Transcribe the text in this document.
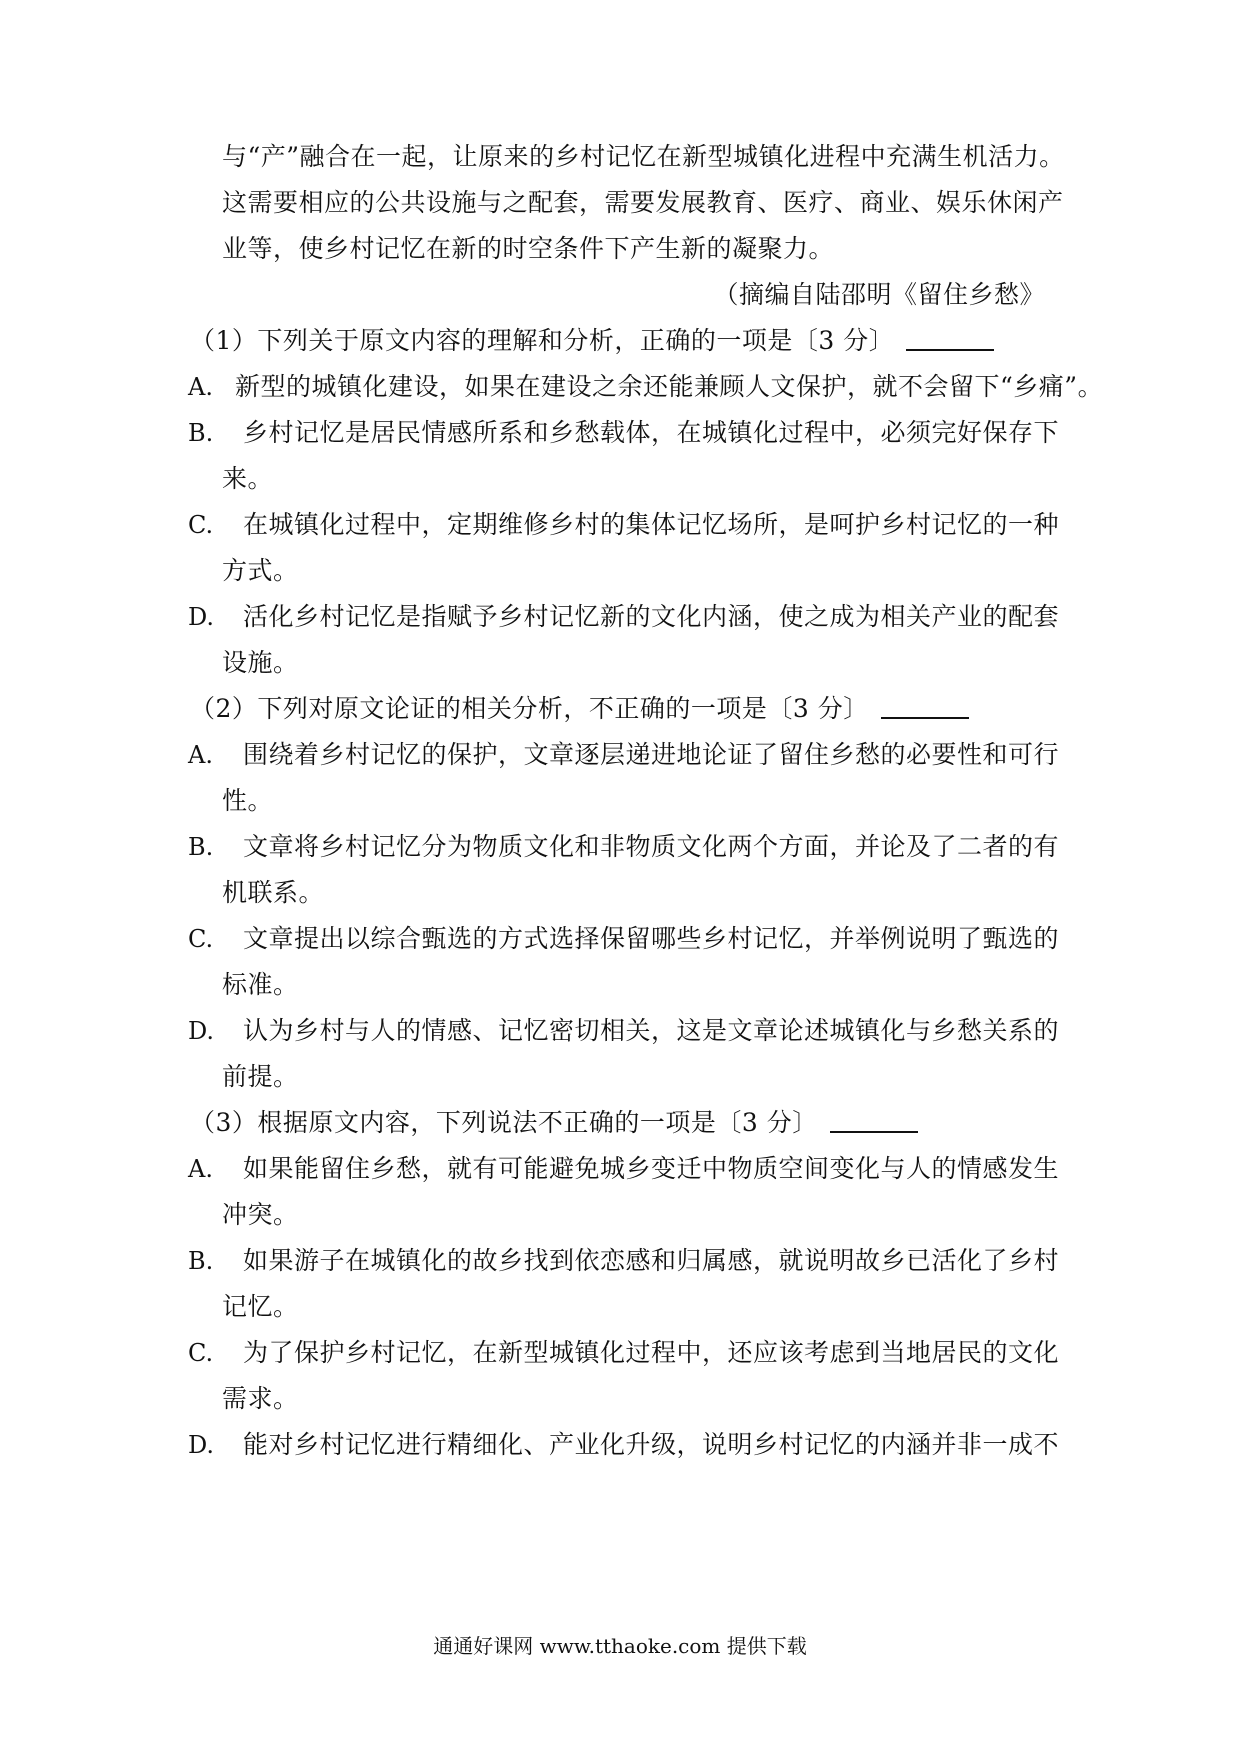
与“产”融合在一起，让原来的乡村记忆在新型城镇化进程中充满生机活力。
这需要相应的公共设施与之配套，需要发展教育、医疗、商业、娱乐休闲产
业等，使乡村记忆在新的时空条件下产生新的凝聚力。
（摘编自陆邵明《留住乡愁》
（1）下列关于原文内容的理解和分析，正确的一项是〔3 分〕
A. 新型的城镇化建设，如果在建设之余还能兼顾人文保护，就不会留下“乡痛”。
B. 乡村记忆是居民情感所系和乡愁载体，在城镇化过程中，必须完好保存下
来。
C. 在城镇化过程中，定期维修乡村的集体记忆场所，是呵护乡村记忆的一种
方式。
D. 活化乡村记忆是指赋予乡村记忆新的文化内涵，使之成为相关产业的配套
设施。
（2）下列对原文论证的相关分析，不正确的一项是〔3 分〕
A. 围绕着乡村记忆的保护，文章逐层递进地论证了留住乡愁的必要性和可行
性。
B. 文章将乡村记忆分为物质文化和非物质文化两个方面，并论及了二者的有
机联系。
C. 文章提出以综合甄选的方式选择保留哪些乡村记忆，并举例说明了甄选的
标准。
D. 认为乡村与人的情感、记忆密切相关，这是文章论述城镇化与乡愁关系的
前提。
（3）根据原文内容，下列说法不正确的一项是〔3 分〕
A. 如果能留住乡愁，就有可能避免城乡变迁中物质空间变化与人的情感发生
冲突。
B. 如果游子在城镇化的故乡找到依恋感和归属感，就说明故乡已活化了乡村
记忆。
C. 为了保护乡村记忆，在新型城镇化过程中，还应该考虑到当地居民的文化
需求。
D. 能对乡村记忆进行精细化、产业化升级，说明乡村记忆的内涵并非一成不
通通好课网 www.tthaoke.com 提供下载
